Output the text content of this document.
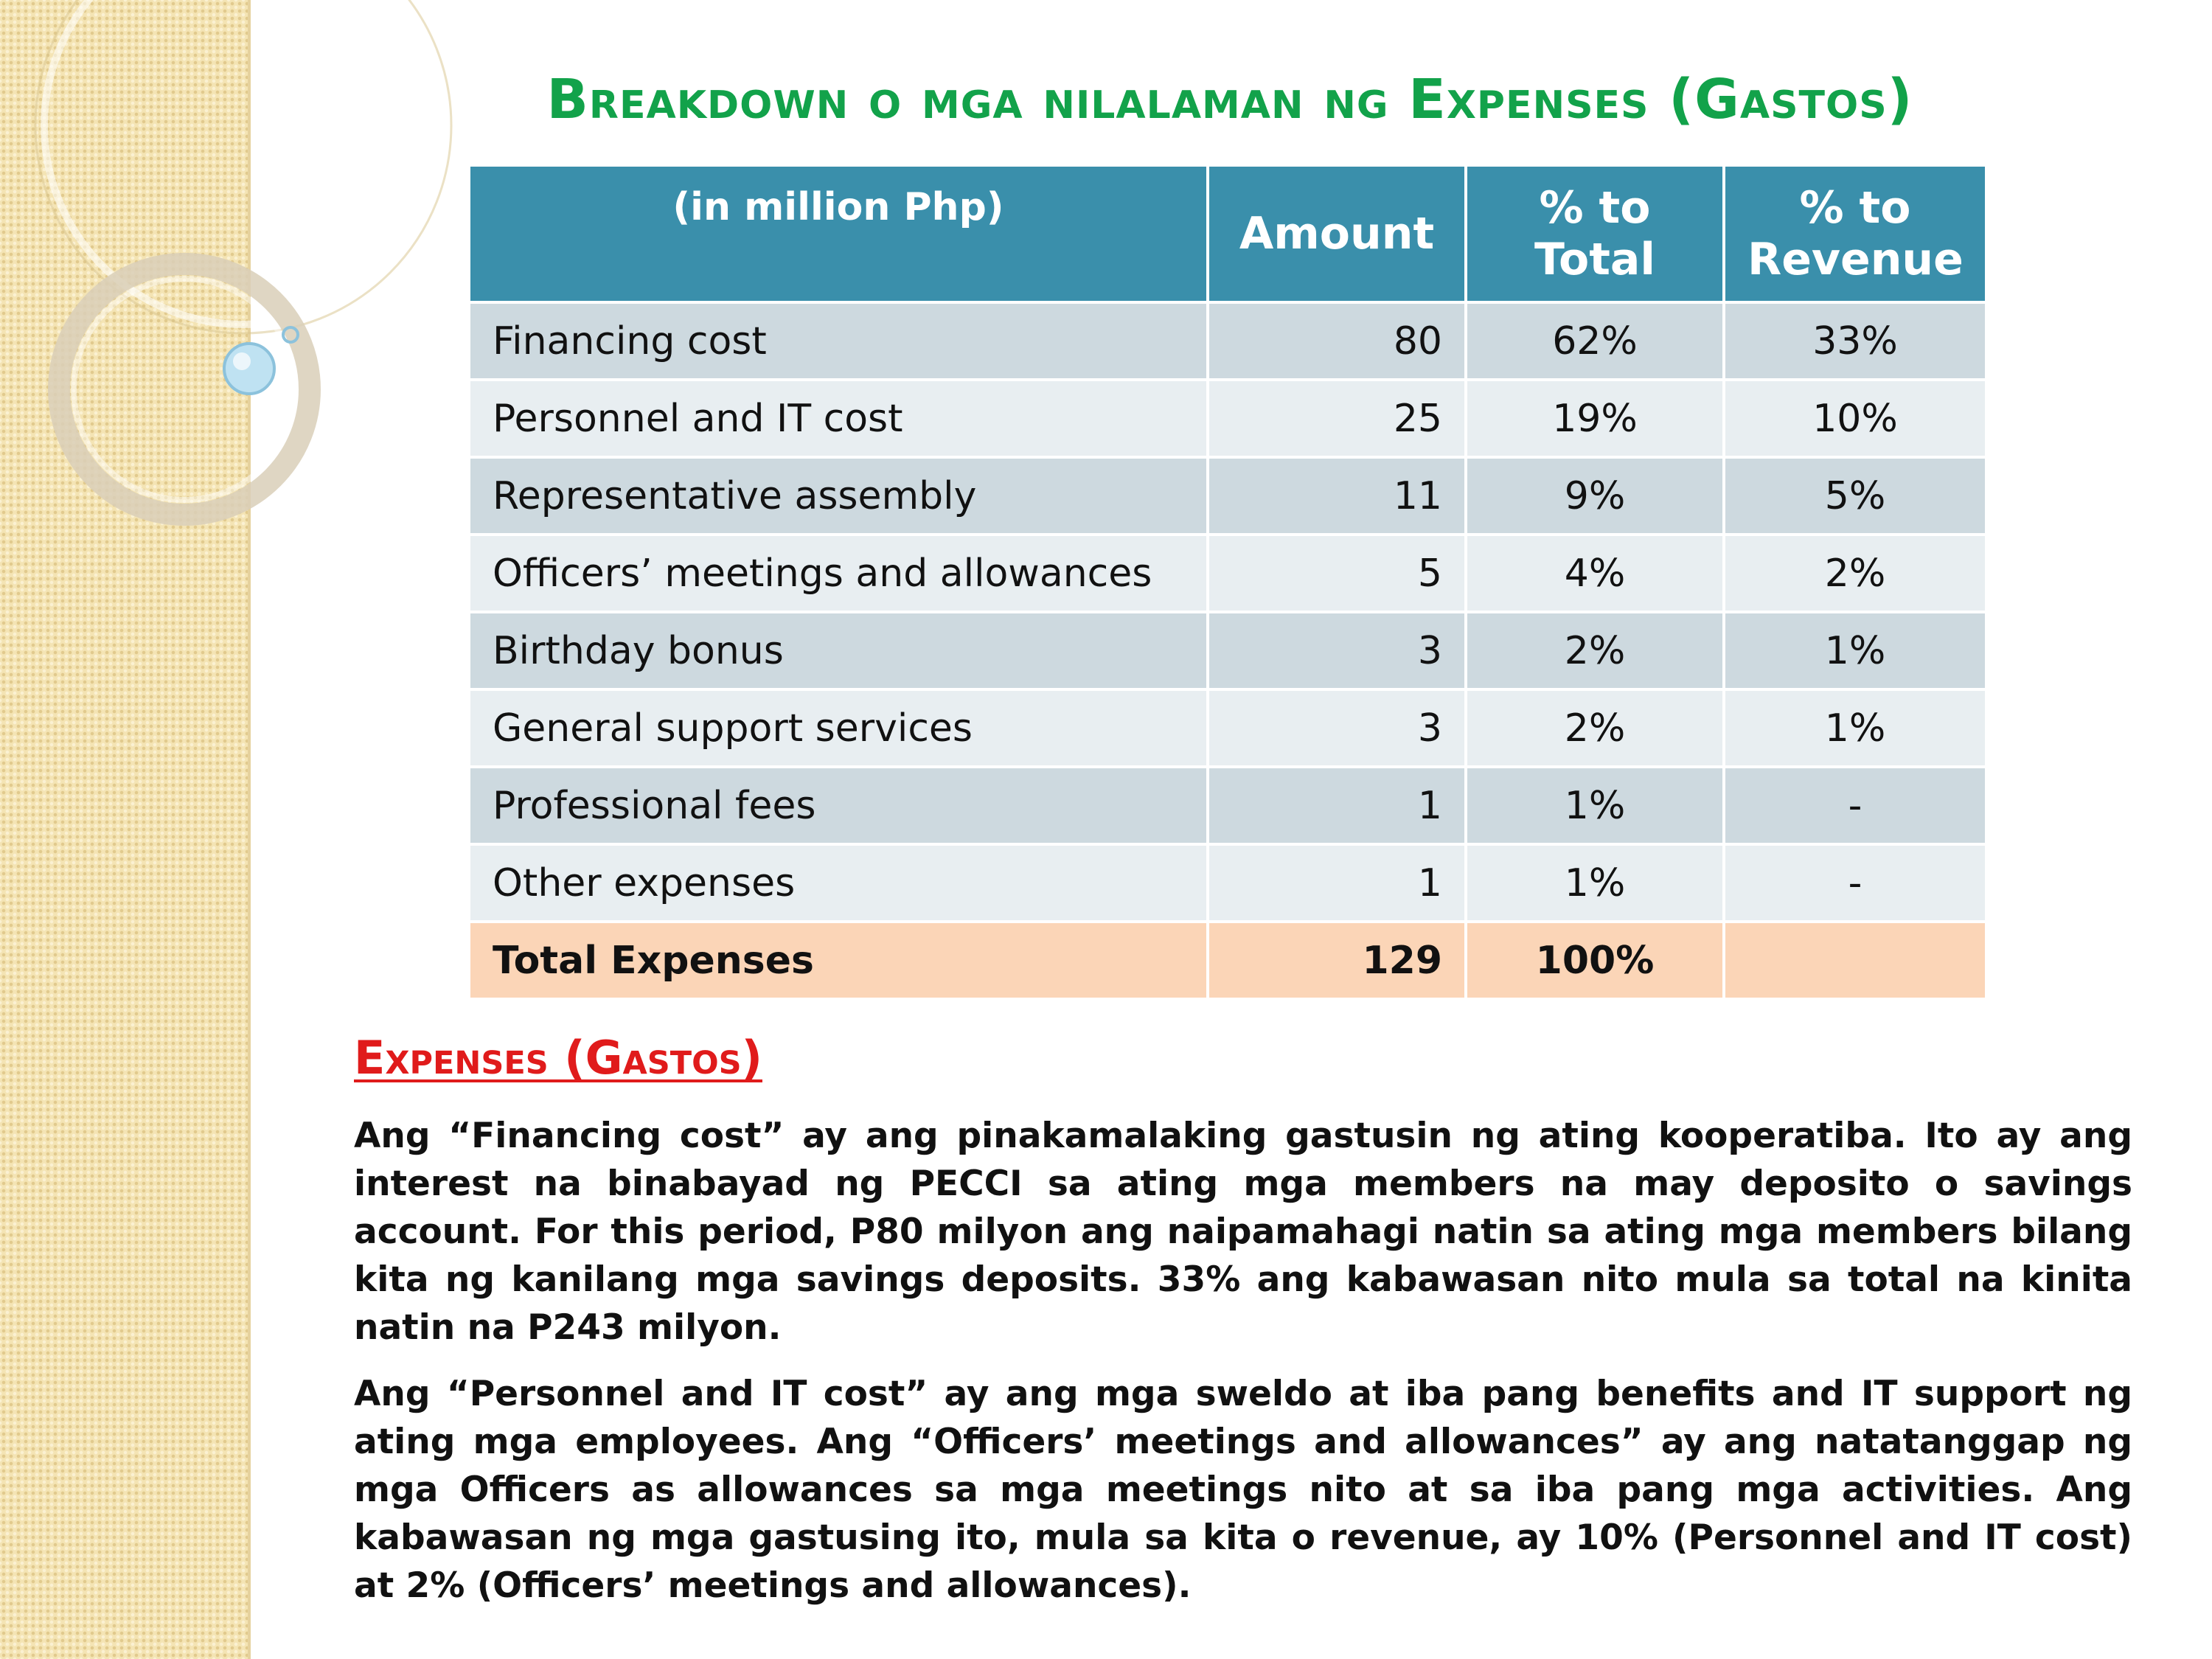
Breakdown o mga nilalaman ng Expenses (Gastos)
(in million Php)	Amount	% to Total	% to Revenue
Financing cost	80	62%	33%
Personnel and IT cost	25	19%	10%
Representative assembly	11	9%	5%
Officers’ meetings and allowances	5	4%	2%
Birthday bonus	3	2%	1%
General support services	3	2%	1%
Professional fees	1	1%	-
Other expenses	1	1%	-
Total Expenses	129	100%	
Expenses (Gastos)

Ang “Financing cost” ay ang pinakamalaking gastusin ng ating kooperatiba. Ito ay ang interest na binabayad ng PECCI sa ating mga members na may deposito o savings account. For this period, P80 milyon ang naipamahagi natin sa ating mga members bilang kita ng kanilang mga savings deposits. 33% ang kabawasan nito mula sa total na kinita natin na P243 milyon.

Ang “Personnel and IT cost” ay ang mga sweldo at iba pang benefits and IT support ng ating mga employees. Ang “Officers’ meetings and allowances” ay ang natatanggap ng mga Officers as allowances sa mga meetings nito at sa iba pang mga activities. Ang kabawasan ng mga gastusing ito, mula sa kita o revenue, ay 10% (Personnel and IT cost) at 2% (Officers’ meetings and allowances).
